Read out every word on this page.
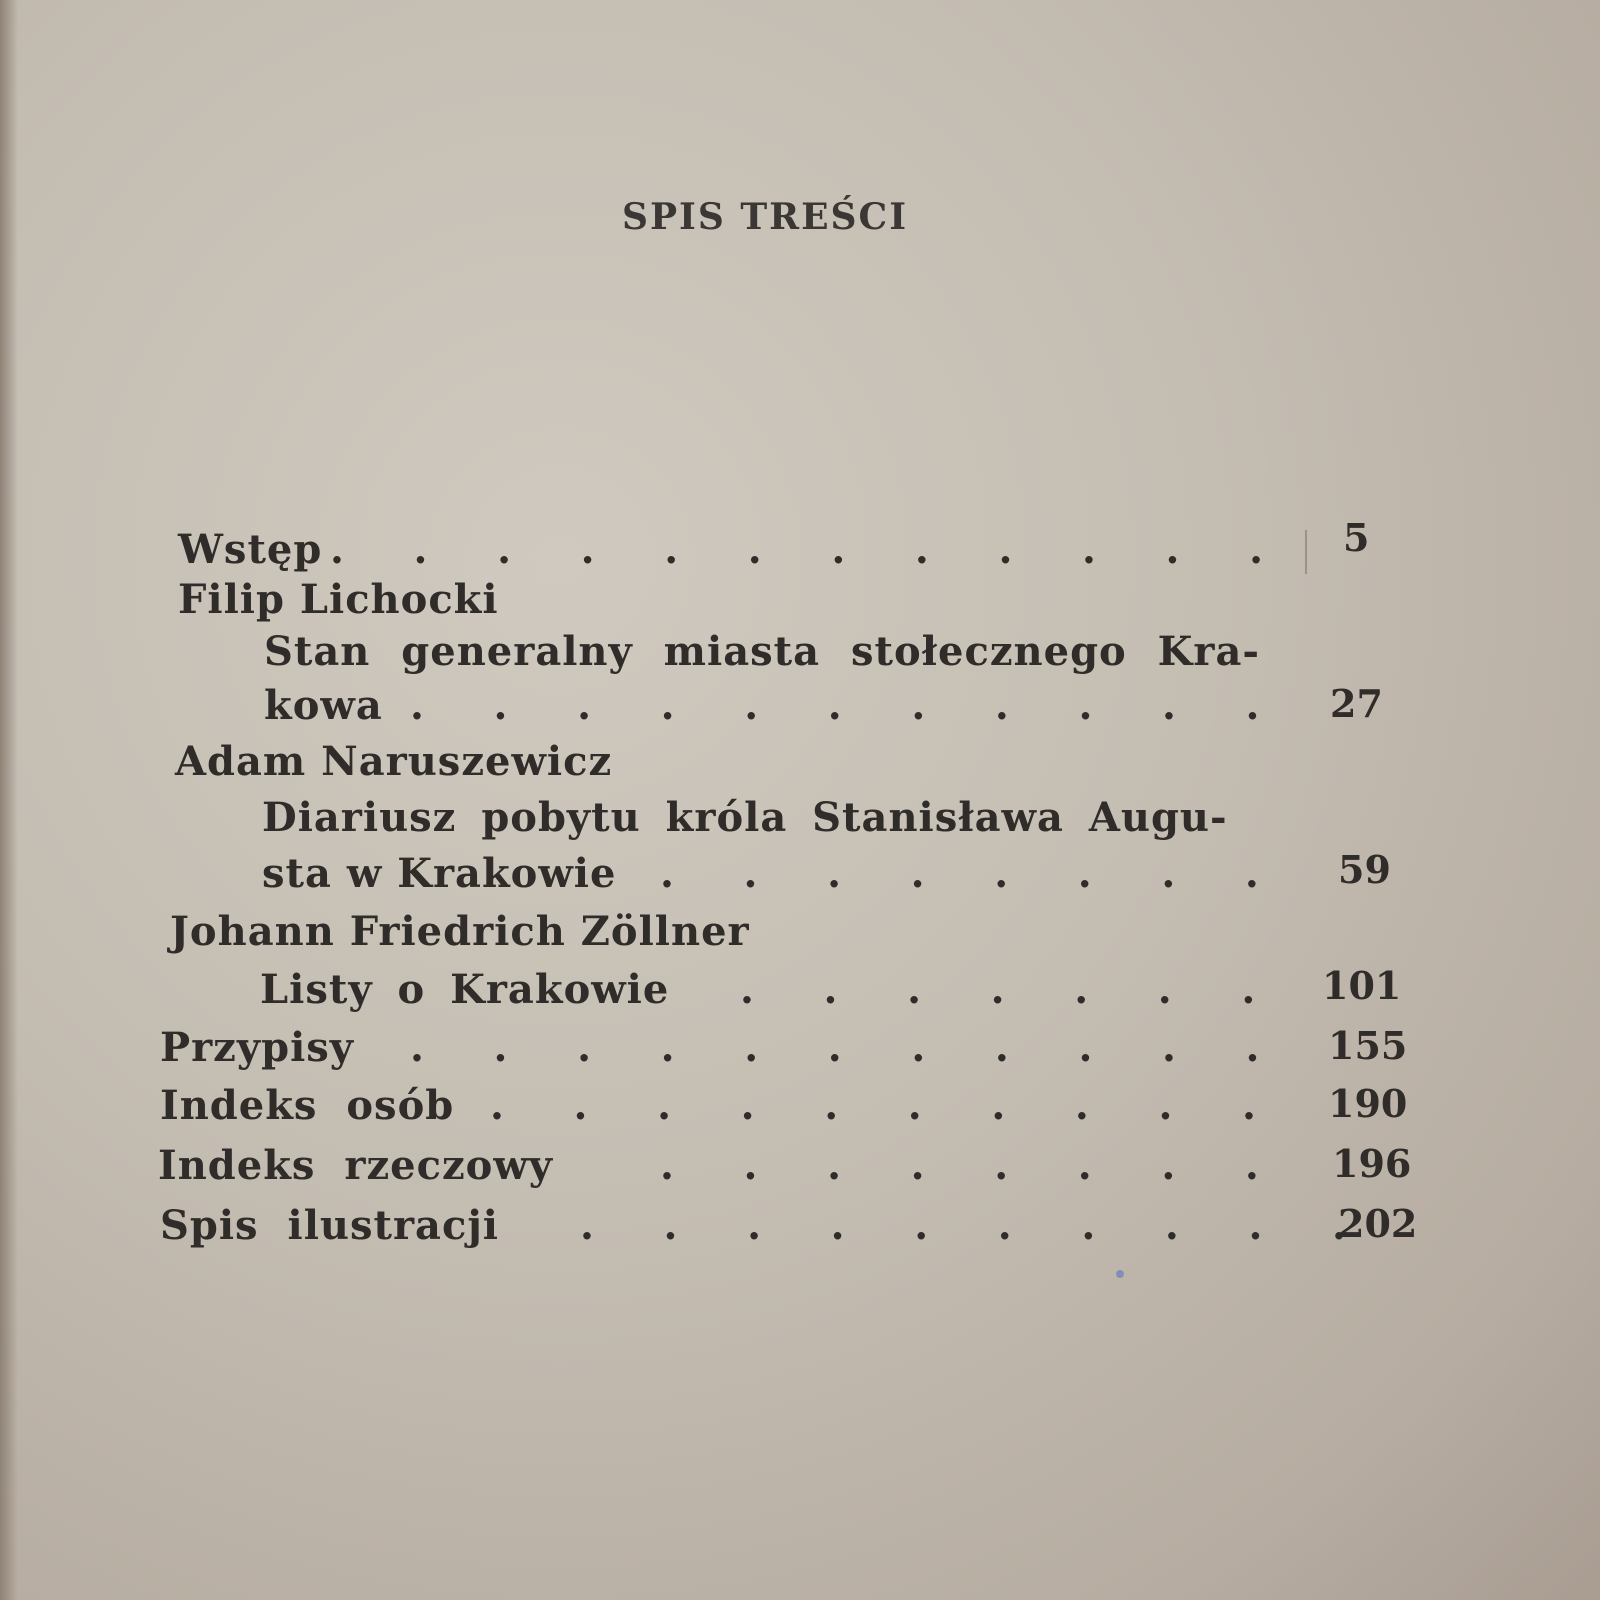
SPIS TREŚCI
Wstęp .     .     .     .     .     .     .     .     .     .     .     . 5
Filip Lichocki
Stan generalny miasta stołecznego Kra-
kowa .     .     .     .     .     .     .     .     .     .     . 27
Adam Naruszewicz
Diariusz pobytu króla Stanisława Augu-
sta w Krakowie .     .     .     .     .     .     .     . 59
Johann Friedrich Zöllner
Listy o Krakowie .     .     .     .     .     .     . 101
Przypisy .     .     .     .     .     .     .     .     .     .     . 155
Indeks osób .     .     .     .     .     .     .     .     .     . 190
Indeks rzeczowy	.     .     .     .     .     .     .     . 196
Spis ilustracji .     .     .     .     .     .     .     .     .     .
202
